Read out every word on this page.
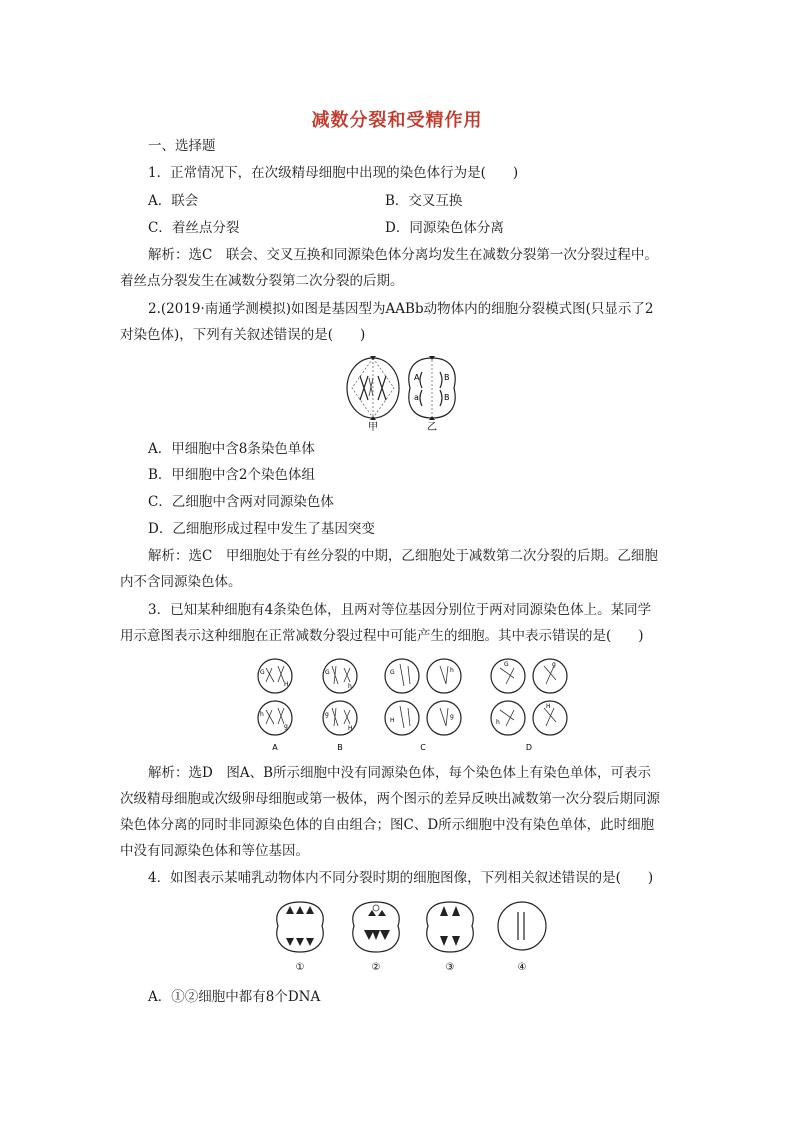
减数分裂和受精作用
一、选择题
1．正常情况下，在次级精母细胞中出现的染色体行为是(　　)
A．联会	B．交叉互换
C．着丝点分裂	D．同源染色体分离
解析：选C　联会、交叉互换和同源染色体分离均发生在减数分裂第一次分裂过程中。
着丝点分裂发生在减数分裂第二次分裂的后期。
2.(2019·南通学测模拟)如图是基因型为AABb动物体内的细胞分裂模式图(只显示了2
对染色体)，下列有关叙述错误的是(　　)
甲
A
a
B
B
乙
A．甲细胞中含8条染色单体
B．甲细胞中含2个染色体组
C．乙细胞中含两对同源染色体
D．乙细胞形成过程中发生了基因突变
解析：选C　甲细胞处于有丝分裂的中期，乙细胞处于减数第二次分裂的后期。乙细胞
内不含同源染色体。
3．已知某种细胞有4条染色体，且两对等位基因分别位于两对同源染色体上。某同学
用示意图表示这种细胞在正常减数分裂过程中可能产生的细胞。其中表示错误的是(　　)
G
H
h
g
A
G
h
g
H
B
G	h
H
g
C
G	g
h
H
D
解析：选D　图A、B所示细胞中没有同源染色体，每个染色体上有染色单体，可表示
次级精母细胞或次级卵母细胞或第一极体，两个图示的差异反映出减数第一次分裂后期同源
染色体分离的同时非同源染色体的自由组合；图C、D所示细胞中没有染色单体，此时细胞
中没有同源染色体和等位基因。
4．如图表示某哺乳动物体内不同分裂时期的细胞图像，下列相关叙述错误的是(　　)
①	②	③	④
A．①②细胞中都有8个DNA
